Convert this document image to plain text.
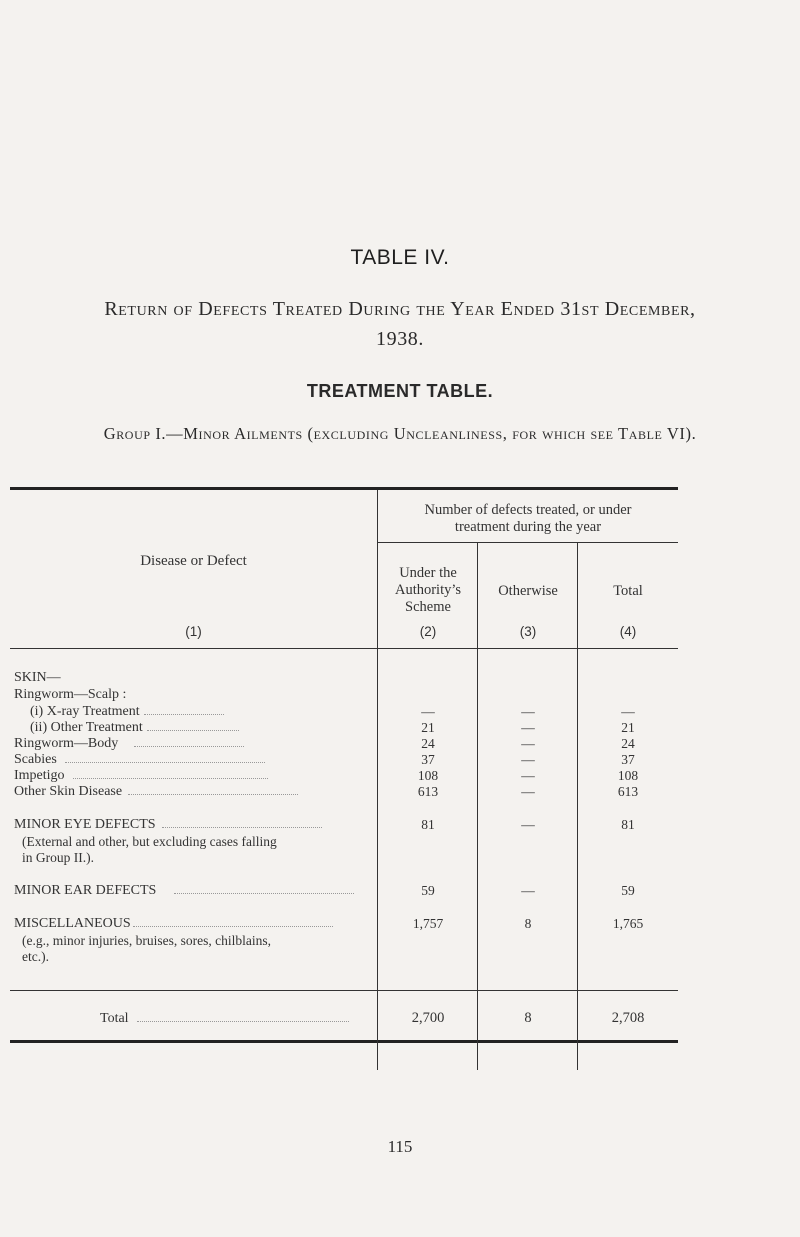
TABLE IV.
Return of Defects Treated During the Year Ended 31st December,
1938.
TREATMENT TABLE.
Group I.—Minor Ailments (excluding Uncleanliness, for which see Table VI).
Disease or Defect
Number of defects treated, or under
treatment during the year
Under the
Authority’s
Scheme
Otherwise	Total
(1)	(2)	(3)	(4)
SKIN—
Ringworm—Scalp :
(i) X-ray Treatment	—	—	—
(ii) Other Treatment	21	—	21
Ringworm—Body	24	—	24
Scabies	37	—	37
Impetigo	108	—	108
Other Skin Disease	613	—	613
MINOR EYE DEFECTS	81	—	81
(External and other, but excluding cases falling
in Group II.).
MINOR EAR DEFECTS	59	—	59
MISCELLANEOUS	1,757	8	1,765
(e.g., minor injuries, bruises, sores, chilblains,
etc.).
Total	2,700	8	2,708
115
